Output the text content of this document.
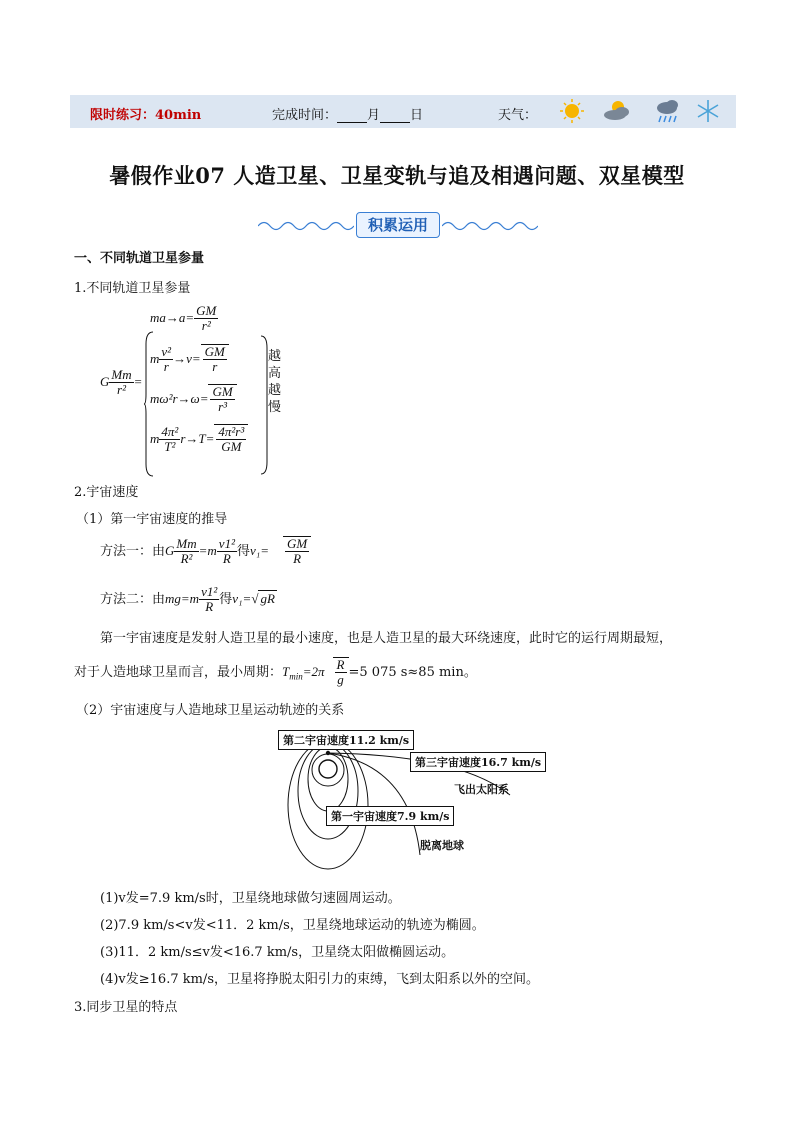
限时练习：40min	完成时间： 月 日	天气：
暑假作业07 人造卫星、卫星变轨与追及相遇问题、双星模型
积累运用
一、不同轨道卫星参量
1.不同轨道卫星参量
G $\frac{Mm}{\text{r²}}$ =
$ma\to a= \frac{GM}{\text{r²}}$
m $\frac{\text{v²}}{r} \to v= \frac{GM}{r}$
$m\omega^2r\to\omega= \frac{GM}{\text{r³}}$
m $\frac{\text{4π²}}{\text{T²}} r\to T= \frac{\text{4π²r³}}{GM}$
越
高
越
慢
2.宇宙速度
（1）第一宇宙速度的推导
方法一：由G $\frac{Mm}{\text{R²}} =m \frac{\text{v1²}}{R}$ 得$v_1= \frac{GM}{R}$
方法二：由$mg=m \frac{\text{v1²}}{R}$ 得v₁=√ gR
第一宇宙速度是发射人造卫星的最小速度，也是人造卫星的最大环绕速度，此时它的运行周期最短，
对于人造地球卫星而言，最小周期：$T_{min}=2\pi \frac{R}{g} =5$ 075 s≈85 min。
（2）宇宙速度与人造地球卫星运动轨迹的关系
第二宇宙速度11.2 km/s
第三宇宙速度16.7 km/s
第一宇宙速度7.9 km/s
飞出太阳系
脱离地球
(1)v发=7.9 km/s时，卫星绕地球做匀速圆周运动。
(2)7.9 km/s<v发<11．2 km/s，卫星绕地球运动的轨迹为椭圆。
(3)11．2 km/s≤v发<16.7 km/s，卫星绕太阳做椭圆运动。
(4)v发≥16.7 km/s，卫星将挣脱太阳引力的束缚，飞到太阳系以外的空间。
3.同步卫星的特点
